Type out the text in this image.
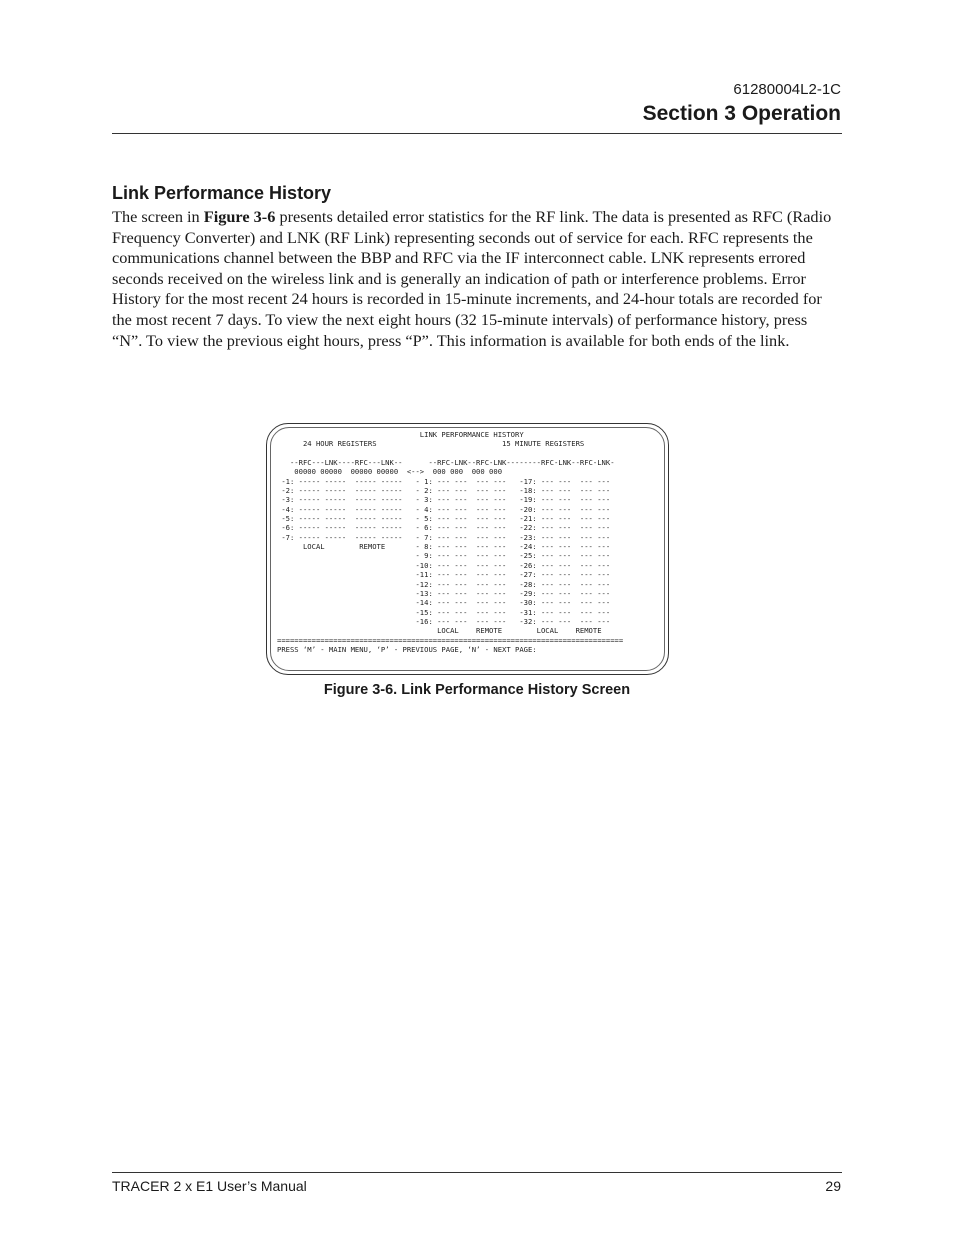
61280004L2-1C
Section 3 Operation
Link Performance History

The screen in Figure 3-6 presents detailed error statistics for the RF link. The data is presented as RFC (Radio Frequency Converter) and LNK (RF Link) representing seconds out of service for each. RFC represents the communications channel between the BBP and RFC via the IF interconnect cable. LNK represents errored seconds received on the wireless link and is generally an indication of path or interference problems. Error History for the most recent 24 hours is recorded in 15-minute increments, and 24-hour totals are recorded for the most recent 7 days. To view the next eight hours (32 15-minute intervals) of performance history, press “N”. To view the previous eight hours, press “P”. This information is available for both ends of the link.

LINK PERFORMANCE HISTORY
24 HOUR REGISTERS                             15 MINUTE REGISTERS

--RFC---LNK----RFC---LNK--      --RFC-LNK--RFC-LNK--------RFC-LNK--RFC-LNK-
00000 00000  00000 00000  <-->  000 000  000 000
-1: ----- -----  ----- -----   - 1: --- ---  --- ---   -17: --- ---  --- ---
-2: ----- -----  ----- -----   - 2: --- ---  --- ---   -18: --- ---  --- ---
-3: ----- -----  ----- -----   - 3: --- ---  --- ---   -19: --- ---  --- ---
-4: ----- -----  ----- -----   - 4: --- ---  --- ---   -20: --- ---  --- ---
-5: ----- -----  ----- -----   - 5: --- ---  --- ---   -21: --- ---  --- ---
-6: ----- -----  ----- -----   - 6: --- ---  --- ---   -22: --- ---  --- ---
-7: ----- -----  ----- -----   - 7: --- ---  --- ---   -23: --- ---  --- ---
LOCAL        REMOTE       - 8: --- ---  --- ---   -24: --- ---  --- ---
- 9: --- ---  --- ---   -25: --- ---  --- ---
-10: --- ---  --- ---   -26: --- ---  --- ---
-11: --- ---  --- ---   -27: --- ---  --- ---
-12: --- ---  --- ---   -28: --- ---  --- ---
-13: --- ---  --- ---   -29: --- ---  --- ---
-14: --- ---  --- ---   -30: --- ---  --- ---
-15: --- ---  --- ---   -31: --- ---  --- ---
-16: --- ---  --- ---   -32: --- ---  --- ---
LOCAL    REMOTE        LOCAL    REMOTE
================================================================================
PRESS ‘M’ - MAIN MENU, ‘P’ - PREVIOUS PAGE, ‘N’ - NEXT PAGE:
Figure 3-6. Link Performance History Screen
TRACER 2 x E1 User’s Manual	29
